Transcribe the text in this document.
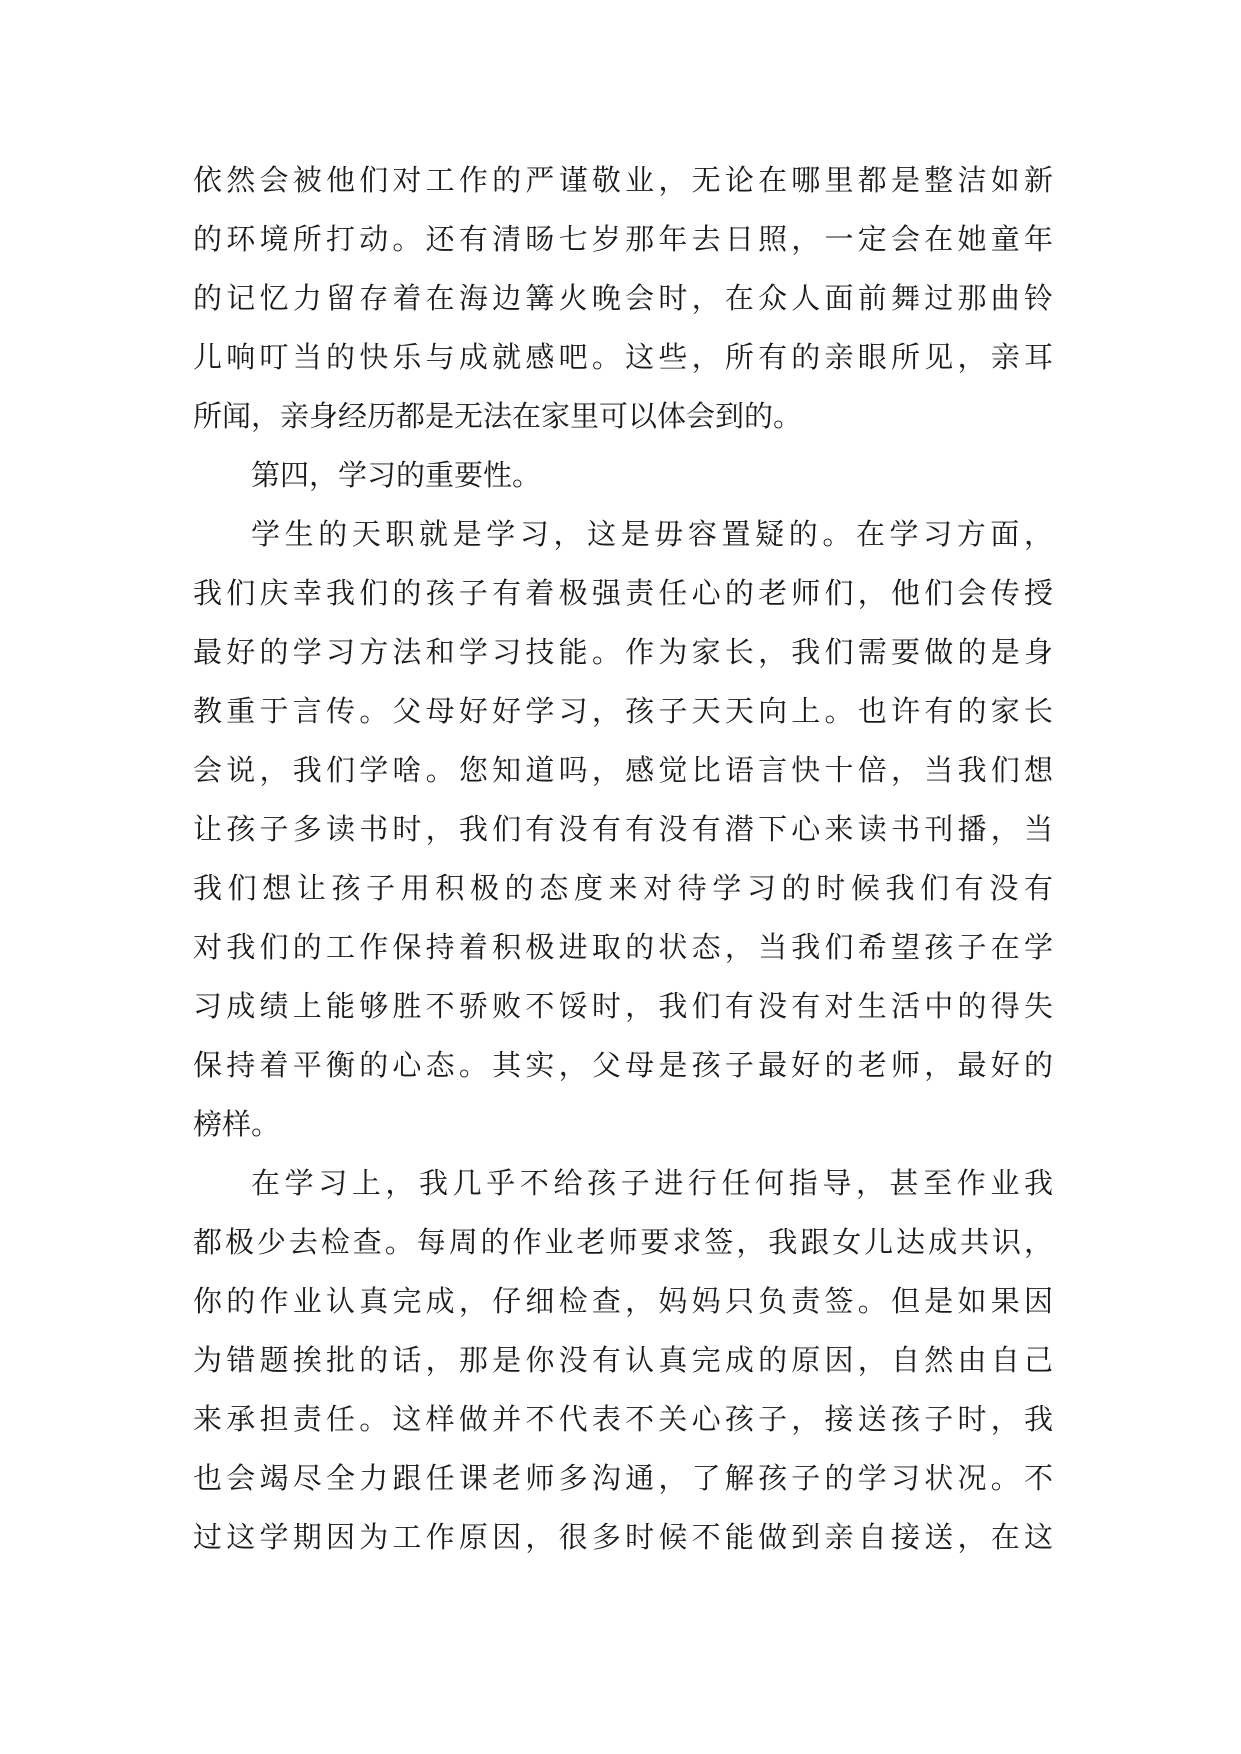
依然会被他们对工作的严谨敬业，无论在哪里都是整洁如新
的环境所打动。还有清旸七岁那年去日照，一定会在她童年
的记忆力留存着在海边篝火晚会时，在众人面前舞过那曲铃
儿响叮当的快乐与成就感吧。这些，所有的亲眼所见，亲耳
所闻，亲身经历都是无法在家里可以体会到的。
第四，学习的重要性。
学生的天职就是学习，这是毋容置疑的。在学习方面，
我们庆幸我们的孩子有着极强责任心的老师们，他们会传授
最好的学习方法和学习技能。作为家长，我们需要做的是身
教重于言传。父母好好学习，孩子天天向上。也许有的家长
会说，我们学啥。您知道吗，感觉比语言快十倍，当我们想
让孩子多读书时，我们有没有有没有潜下心来读书刊播，当
我们想让孩子用积极的态度来对待学习的时候我们有没有
对我们的工作保持着积极进取的状态，当我们希望孩子在学
习成绩上能够胜不骄败不馁时，我们有没有对生活中的得失
保持着平衡的心态。其实，父母是孩子最好的老师，最好的
榜样。
在学习上，我几乎不给孩子进行任何指导，甚至作业我
都极少去检查。每周的作业老师要求签，我跟女儿达成共识，
你的作业认真完成，仔细检查，妈妈只负责签。但是如果因
为错题挨批的话，那是你没有认真完成的原因，自然由自己
来承担责任。这样做并不代表不关心孩子，接送孩子时，我
也会竭尽全力跟任课老师多沟通，了解孩子的学习状况。不
过这学期因为工作原因，很多时候不能做到亲自接送，在这
